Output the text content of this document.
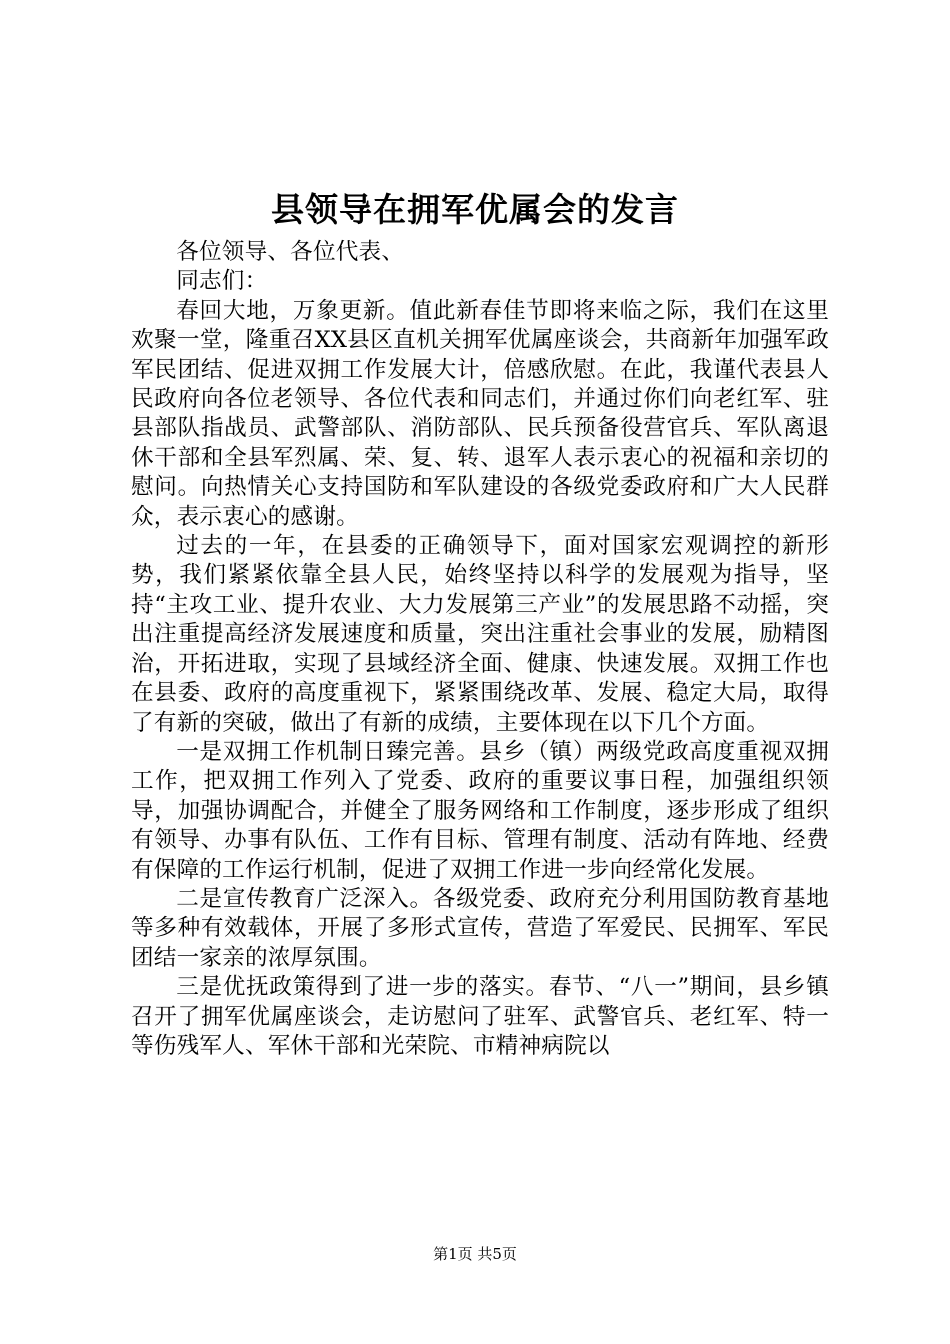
县领导在拥军优属会的发言

各位领导、各位代表、

同志们：

春回大地，万象更新。值此新春佳节即将来临之际，我们在这里欢聚一堂，隆重召XX县区直机关拥军优属座谈会，共商新年加强军政军民团结、促进双拥工作发展大计，倍感欣慰。在此，我谨代表县人民政府向各位老领导、各位代表和同志们，并通过你们向老红军、驻县部队指战员、武警部队、消防部队、民兵预备役营官兵、军队离退休干部和全县军烈属、荣、复、转、退军人表示衷心的祝福和亲切的慰问。向热情关心支持国防和军队建设的各级党委政府和广大人民群众，表示衷心的感谢。

过去的一年，在县委的正确领导下，面对国家宏观调控的新形势，我们紧紧依靠全县人民，始终坚持以科学的发展观为指导，坚持“主攻工业、提升农业、大力发展第三产业”的发展思路不动摇，突出注重提高经济发展速度和质量，突出注重社会事业的发展，励精图治，开拓进取，实现了县域经济全面、健康、快速发展。双拥工作也在县委、政府的高度重视下，紧紧围绕改革、发展、稳定大局，取得了有新的突破，做出了有新的成绩，主要体现在以下几个方面。

一是双拥工作机制日臻完善。县乡（镇）两级党政高度重视双拥工作，把双拥工作列入了党委、政府的重要议事日程，加强组织领导，加强协调配合，并健全了服务网络和工作制度，逐步形成了组织有领导、办事有队伍、工作有目标、管理有制度、活动有阵地、经费有保障的工作运行机制，促进了双拥工作进一步向经常化发展。

二是宣传教育广泛深入。各级党委、政府充分利用国防教育基地等多种有效载体，开展了多形式宣传，营造了军爱民、民拥军、军民团结一家亲的浓厚氛围。

三是优抚政策得到了进一步的落实。春节、“八一”期间，县乡镇召开了拥军优属座谈会，走访慰问了驻军、武警官兵、老红军、特一等伤残军人、军休干部和光荣院、市精神病院以

第1页 共5页
